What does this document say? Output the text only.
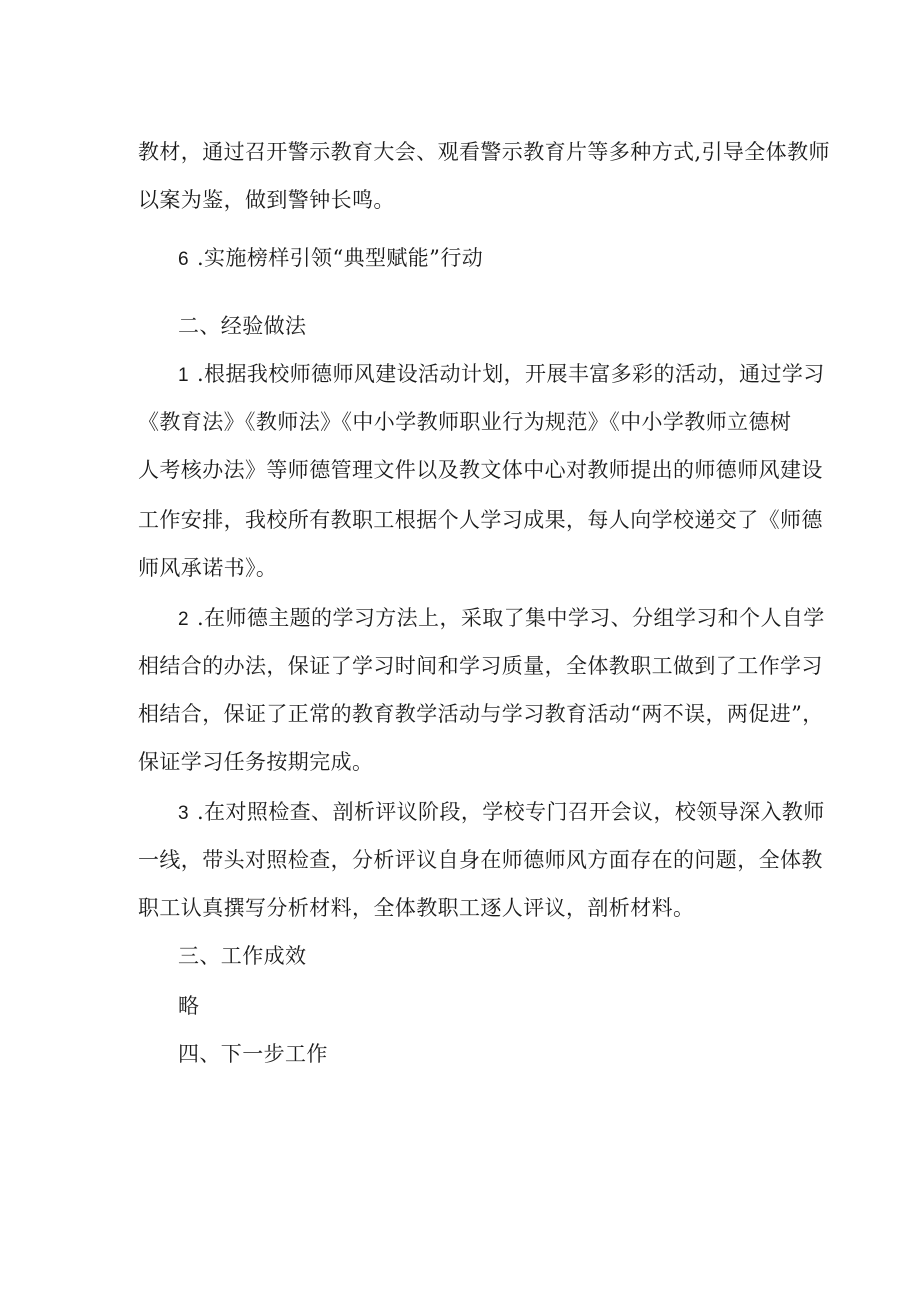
教材，通过召开警示教育大会、观看警示教育片等多种方式,引导全体教师
以案为鉴，做到警钟长鸣。
6 .实施榜样引领“典型赋能”行动
二、经验做法
1 .根据我校师德师风建设活动计划，开展丰富多彩的活动，通过学习
《教育法》《教师法》《中小学教师职业行为规范》《中小学教师立德树
人考核办法》等师德管理文件以及教文体中心对教师提出的师德师风建设
工作安排，我校所有教职工根据个人学习成果，每人向学校递交了《师德
师风承诺书》。
2 .在师德主题的学习方法上，采取了集中学习、分组学习和个人自学
相结合的办法，保证了学习时间和学习质量，全体教职工做到了工作学习
相结合，保证了正常的教育教学活动与学习教育活动“两不误，两促进”，
保证学习任务按期完成。
3 .在对照检查、剖析评议阶段，学校专门召开会议，校领导深入教师
一线，带头对照检查，分析评议自身在师德师风方面存在的问题，全体教
职工认真撰写分析材料，全体教职工逐人评议，剖析材料。
三、工作成效
略
四、下一步工作
